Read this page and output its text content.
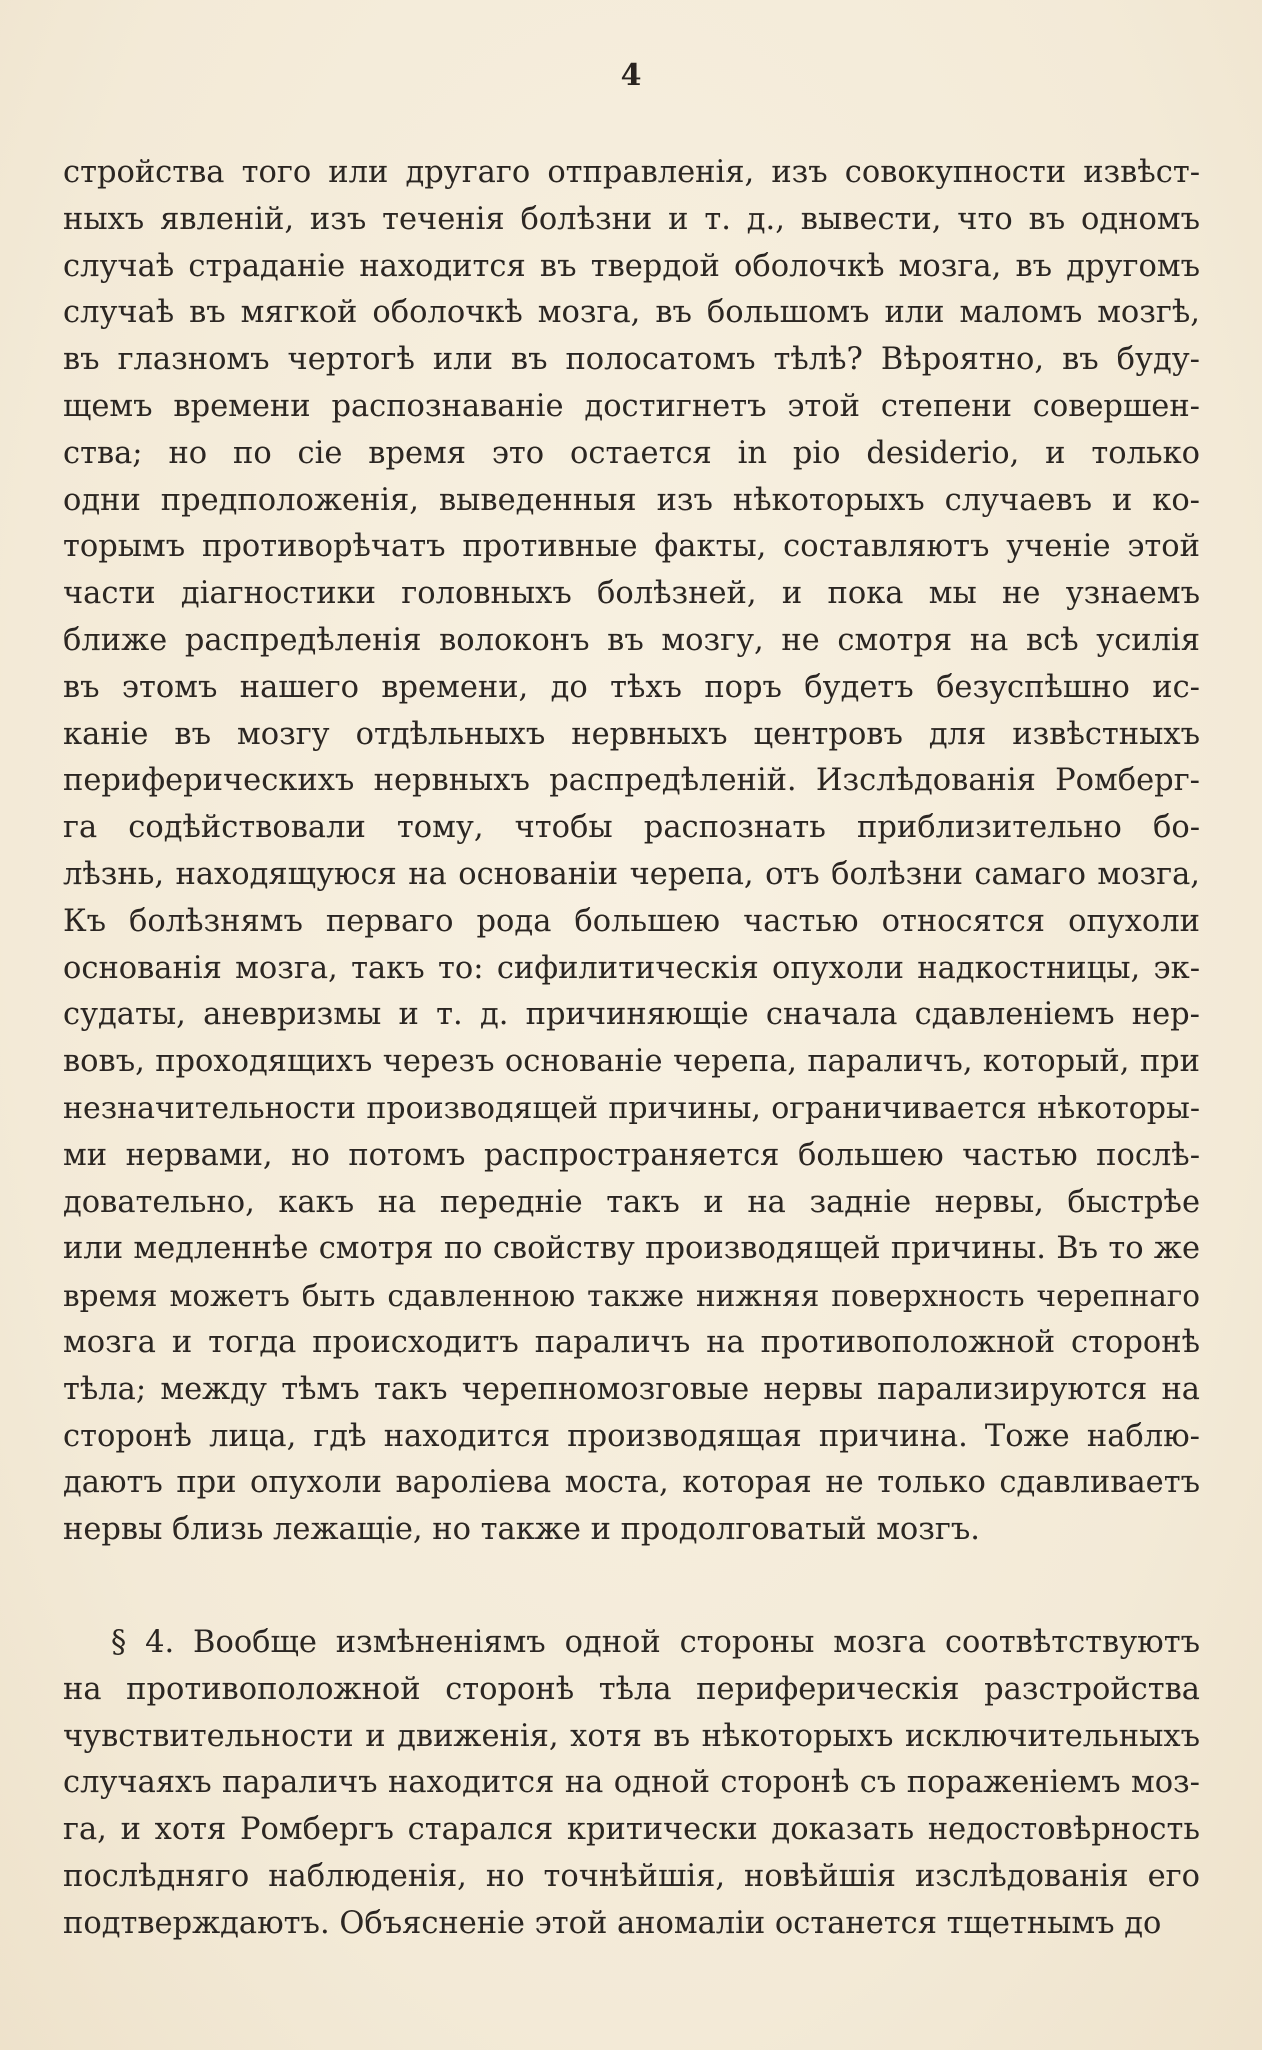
4
стройства того или другаго отправленія, изъ совокупности извѣст-
ныхъ явленій, изъ теченія болѣзни и т. д., вывести, что въ одномъ
случаѣ страданіе находится въ твердой оболочкѣ мозга, въ другомъ
случаѣ въ мягкой оболочкѣ мозга, въ большомъ или маломъ мозгѣ,
въ глазномъ чертогѣ или въ полосатомъ тѣлѣ? Вѣроятно, въ буду-
щемъ времени распознаваніе достигнетъ этой степени совершен-
ства; но по сіе время это остается in pio desiderio, и только
одни предположенія, выведенныя изъ нѣкоторыхъ случаевъ и ко-
торымъ противорѣчатъ противные факты, составляютъ ученіе этой
части діагностики головныхъ болѣзней, и пока мы не узнаемъ
ближе распредѣленія волоконъ въ мозгу, не смотря на всѣ усилія
въ этомъ нашего времени, до тѣхъ поръ будетъ безуспѣшно ис-
каніе въ мозгу отдѣльныхъ нервныхъ центровъ для извѣстныхъ
периферическихъ нервныхъ распредѣленій. Изслѣдованія Ромберг-
га содѣйствовали тому, чтобы распознать приблизительно бо-
лѣзнь, находящуюся на основаніи черепа, отъ болѣзни самаго мозга,
Къ болѣзнямъ перваго рода большею частью относятся опухоли
основанія мозга, такъ то: сифилитическія опухоли надкостницы, эк-
судаты, аневризмы и т. д. причиняющіе сначала сдавленіемъ нер-
вовъ, проходящихъ черезъ основаніе черепа, параличъ, который, при
незначительности производящей причины, ограничивается нѣкоторы-
ми нервами, но потомъ распространяется большею частью послѣ-
довательно, какъ на передніе такъ и на задніе нервы, быстрѣе
или медленнѣе смотря по свойству производящей причины. Въ то же
время можетъ быть сдавленною также нижняя поверхность черепнаго
мозга и тогда происходитъ параличъ на противоположной сторонѣ
тѣла; между тѣмъ такъ черепномозговые нервы парализируются на
сторонѣ лица, гдѣ находится производящая причина. Тоже наблю-
даютъ при опухоли вароліева моста, которая не только сдавливаетъ
нервы близь лежащіе, но также и продолговатый мозгъ.
§ 4. Вообще измѣненіямъ одной стороны мозга соотвѣтствуютъ
на противоположной сторонѣ тѣла периферическія разстройства
чувствительности и движенія, хотя въ нѣкоторыхъ исключительныхъ
случаяхъ параличъ находится на одной сторонѣ съ пораженіемъ моз-
га, и хотя Ромбергъ старался критически доказать недостовѣрность
послѣдняго наблюденія, но точнѣйшія, новѣйшія изслѣдованія его
подтверждаютъ. Объясненіе этой аномаліи останется тщетнымъ до
